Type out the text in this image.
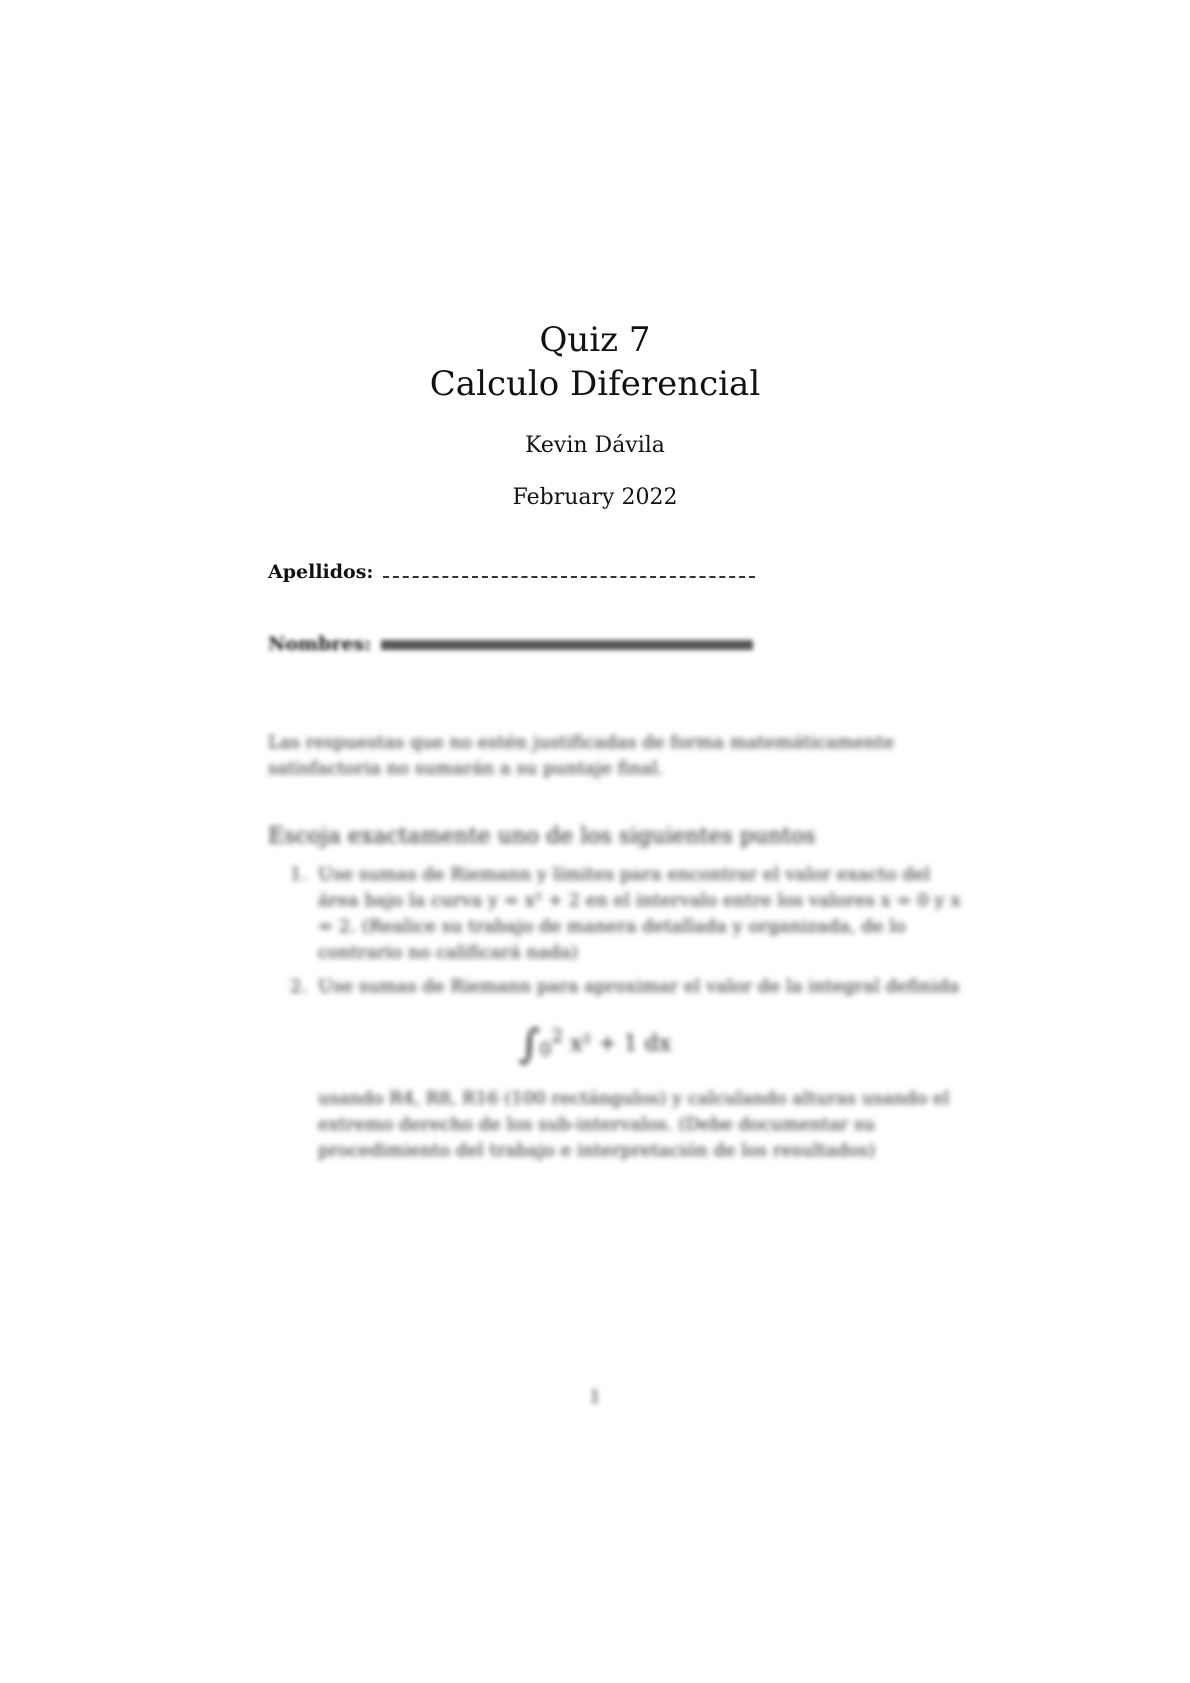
Quiz 7
Calculo Diferencial
Kevin Dávila
February 2022
Apellidos:
Nombres:
Las respuestas que no estén justificadas de forma matemáticamente satisfactoria no sumarán a su puntaje final.
Escoja exactamente uno de los siguientes puntos
1. Use sumas de Riemann y límites para encontrar el valor exacto del área bajo la curva y = x² + 2 en el intervalo entre los valores x = 0 y x = 2. (Realice su trabajo de manera detallada y organizada, de lo contrario no calificará nada)
2. Use sumas de Riemann para aproximar el valor de la integral definida
$\int_0^2$ x² + 1 dx
usando R4, R8, R16 (100 rectángulos) y calculando alturas usando el extremo derecho de los sub-intervalos. (Debe documentar su procedimiento del trabajo e interpretación de los resultados)
1
